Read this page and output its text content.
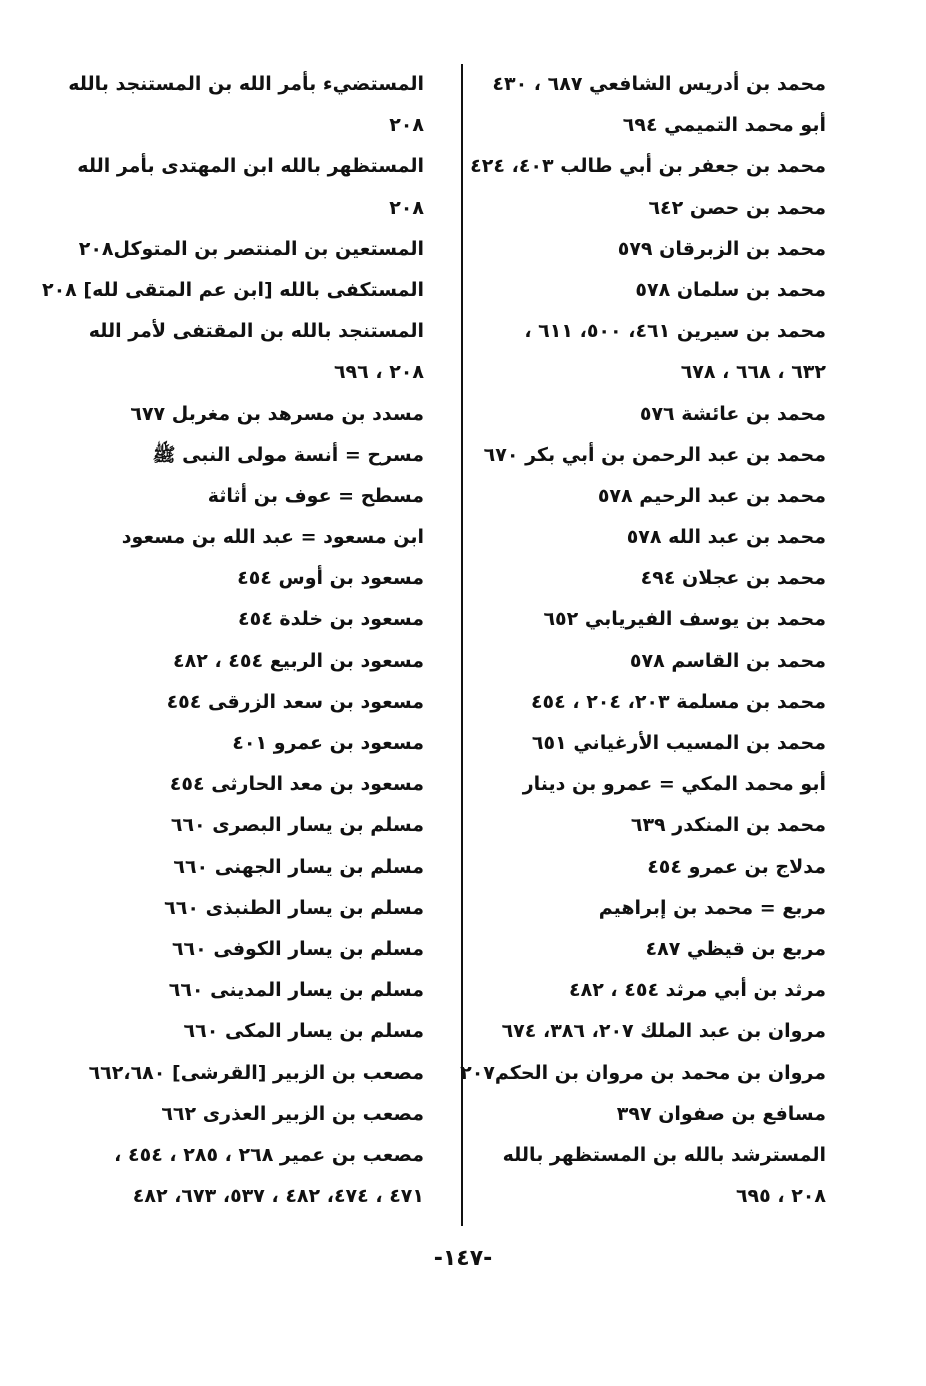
محمد بن أدريس الشافعي ٦٨٧ ، ٤٣٠
أبو محمد التميمي ٦٩٤
محمد بن جعفر بن أبي طالب ٤٠٣، ٤٢٤
محمد بن حصن ٦٤٢
محمد بن الزبرقان ٥٧٩
محمد بن سلمان ٥٧٨
محمد بن سيرين ٤٦١، ٥٠٠، ٦١١ ،
٦٣٢ ، ٦٦٨ ، ٦٧٨
محمد بن عائشة ٥٧٦
محمد بن عبد الرحمن بن أبي بكر ٦٧٠
محمد بن عبد الرحيم ٥٧٨
محمد بن عبد الله ٥٧٨
محمد بن عجلان ٤٩٤
محمد بن يوسف الفيريابي ٦٥٢
محمد بن القاسم ٥٧٨
محمد بن مسلمة ٢٠٣، ٢٠٤ ، ٤٥٤
محمد بن المسيب الأرغياني ٦٥١
أبو محمد المكي = عمرو بن دينار
محمد بن المنكدر ٦٣٩
مدلاج بن عمرو ٤٥٤
مربع = محمد بن إبراهيم
مربع بن قيظي ٤٨٧
مرثد بن أبي مرثد ٤٥٤ ، ٤٨٢
مروان بن عبد الملك ٢٠٧، ٣٨٦، ٦٧٤
مروان بن محمد بن مروان بن الحكم٢٠٧
مسافع بن صفوان ٣٩٧
المسترشد بالله بن المستظهر بالله
٢٠٨ ، ٦٩٥
المستضيء بأمر الله بن المستنجد بالله
٢٠٨
المستظهر بالله ابن المهتدى بأمر الله
٢٠٨
المستعين بن المنتصر بن المتوكل٢٠٨
المستكفى بالله [ابن عم المتقى لله] ٢٠٨
المستنجد بالله بن المقتفى لأمر الله
٢٠٨ ، ٦٩٦
مسدد بن مسرهد بن مغربل ٦٧٧
مسرح = أنسة مولى النبى ﷺ
مسطح = عوف بن أثاثة
ابن مسعود = عبد الله بن مسعود
مسعود بن أوس ٤٥٤
مسعود بن خلدة ٤٥٤
مسعود بن الربيع ٤٥٤ ، ٤٨٢
مسعود بن سعد الزرقى ٤٥٤
مسعود بن عمرو ٤٠١
مسعود بن معد الحارثى ٤٥٤
مسلم بن يسار البصرى ٦٦٠
مسلم بن يسار الجهنى ٦٦٠
مسلم بن يسار الطنبذى ٦٦٠
مسلم بن يسار الكوفى ٦٦٠
مسلم بن يسار المدينى ٦٦٠
مسلم بن يسار المكى ٦٦٠
مصعب بن الزبير [القرشى] ٦٦٢،٦٨٠
مصعب بن الزبير العذرى ٦٦٢
مصعب بن عمير ٢٦٨ ، ٢٨٥ ، ٤٥٤ ،
٤٧١ ، ٤٧٤، ٤٨٢ ، ٥٣٧، ٦٧٣، ٤٨٢
-١٤٧-
